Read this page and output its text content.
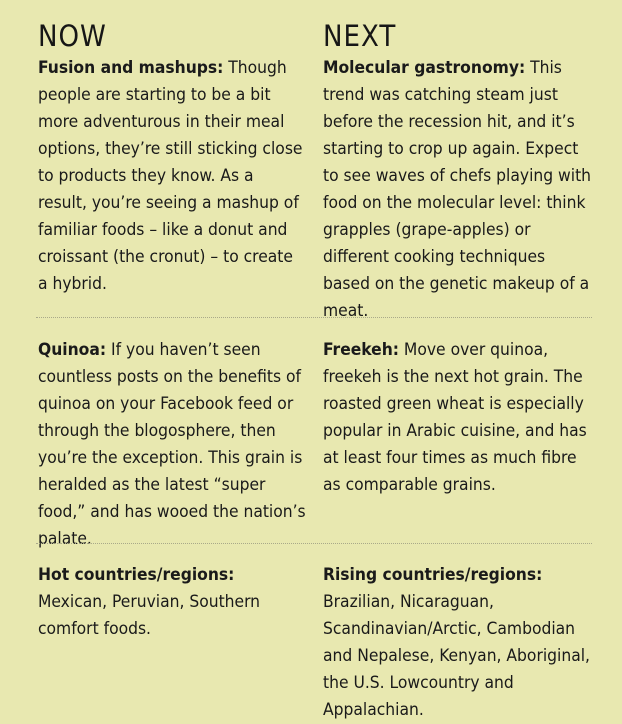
NOW	NEXT

Fusion and mashups: Though people are starting to be a bit more adventurous in their meal options, they’re still sticking close to products they know. As a result, you’re seeing a mashup of familiar foods – like a donut and croissant (the cronut) – to create a hybrid.

Molecular gastronomy: This trend was catching steam just before the recession hit, and it’s starting to crop up again. Expect to see waves of chefs playing with food on the molecular level: think grapples (grape-apples) or different cooking techniques based on the genetic makeup of a meat.

Quinoa: If you haven’t seen countless posts on the benefits of quinoa on your Facebook feed or through the blogosphere, then you’re the exception. This grain is heralded as the latest “super food,” and has wooed the nation’s palate.

Freekeh: Move over quinoa, freekeh is the next hot grain. The roasted green wheat is especially popular in Arabic cuisine, and has at least four times as much fibre as comparable grains.

Hot countries/regions: Mexican, Peruvian, Southern comfort foods.

Rising countries/regions: Brazilian, Nicaraguan, Scandinavian/Arctic, Cambodian and Nepalese, Kenyan, Aboriginal, the U.S. Lowcountry and Appalachian.
